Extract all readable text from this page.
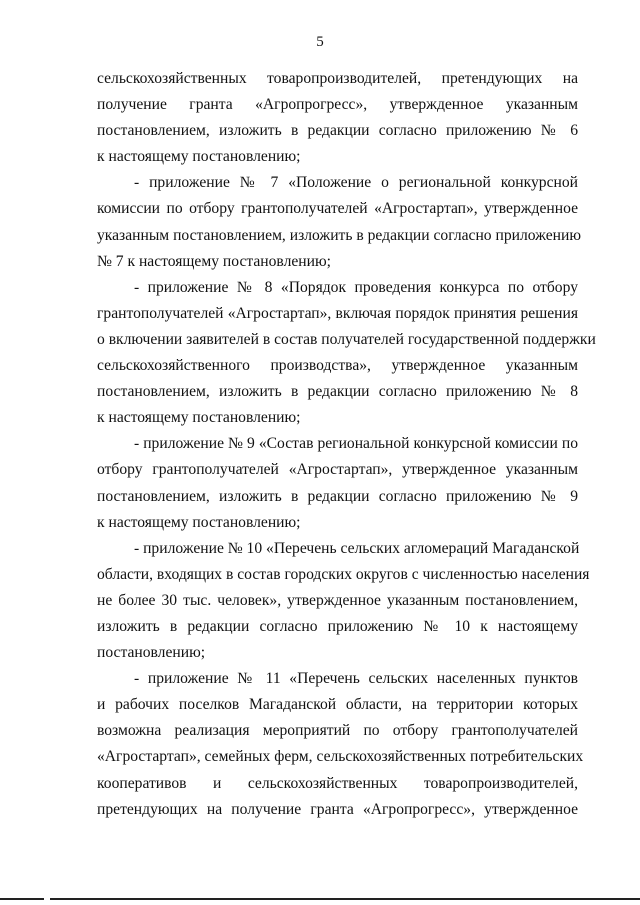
5
сельскохозяйственных товаропроизводителей, претендующих на
получение гранта «Агропрогресс», утвержденное указанным
постановлением, изложить в редакции согласно приложению № 6
к настоящему постановлению;
- приложение № 7 «Положение о региональной конкурсной
комиссии по отбору грантополучателей «Агростартап», утвержденное
указанным постановлением, изложить в редакции согласно приложению
№ 7 к настоящему постановлению;
- приложение № 8 «Порядок проведения конкурса по отбору
грантополучателей «Агростартап», включая порядок принятия решения
о включении заявителей в состав получателей государственной поддержки
сельскохозяйственного производства», утвержденное указанным
постановлением, изложить в редакции согласно приложению № 8
к настоящему постановлению;
- приложение № 9 «Состав региональной конкурсной комиссии по
отбору грантополучателей «Агростартап», утвержденное указанным
постановлением, изложить в редакции согласно приложению № 9
к настоящему постановлению;
- приложение № 10 «Перечень сельских агломераций Магаданской
области, входящих в состав городских округов с численностью населения
не более 30 тыс. человек», утвержденное указанным постановлением,
изложить в редакции согласно приложению № 10 к настоящему
постановлению;
- приложение № 11 «Перечень сельских населенных пунктов
и рабочих поселков Магаданской области, на территории которых
возможна реализация мероприятий по отбору грантополучателей
«Агростартап», семейных ферм, сельскохозяйственных потребительских
кооперативов и сельскохозяйственных товаропроизводителей,
претендующих на получение гранта «Агропрогресс», утвержденное
